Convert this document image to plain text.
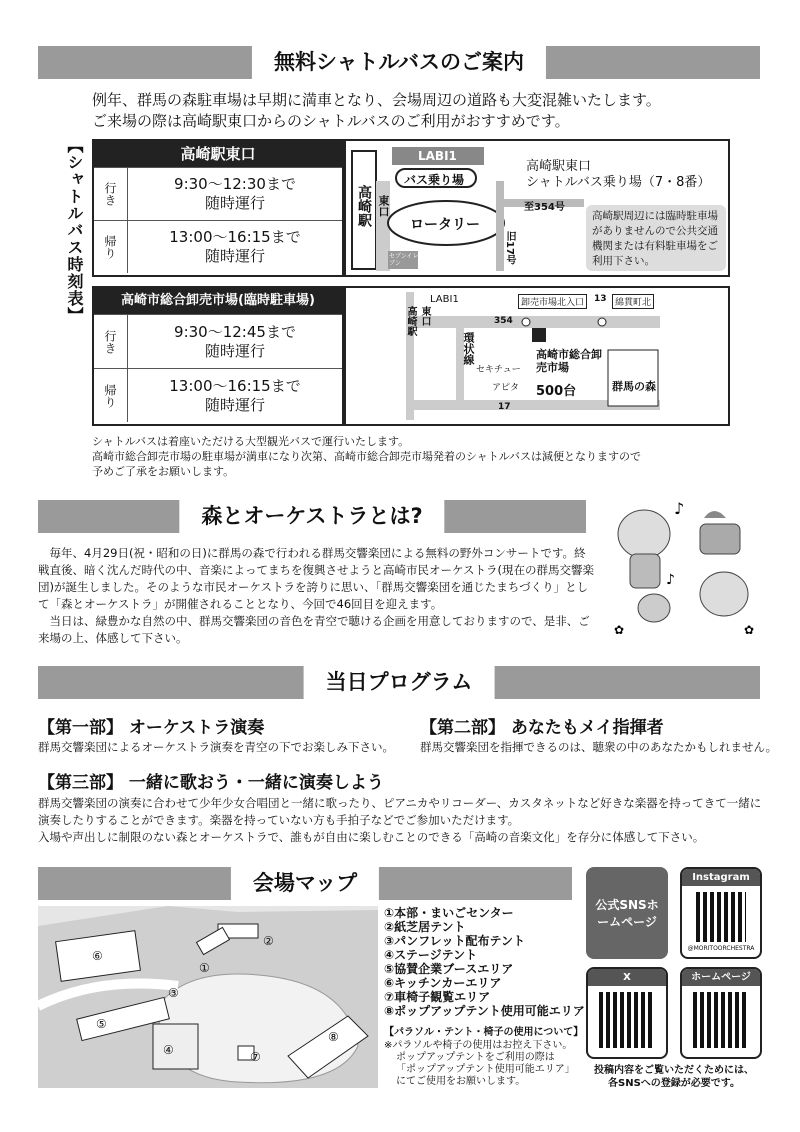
無料シャトルバスのご案内
例年、群馬の森駐車場は早期に満車となり、会場周辺の道路も大変混雑いたします。
ご来場の際は高崎駅東口からのシャトルバスのご利用がおすすめです。
【シャトルバス時刻表】	高崎駅東口
行き	9:30〜12:30まで
随時運行
帰り	13:00〜16:15まで
随時運行
高崎駅 東口
LABI1
バス乗り場
ロータリー
旧17号
至354号
セブンイレブン
高崎駅東口
シャトルバス乗り場（7・8番）
高崎駅周辺には臨時駐車場がありませんので公共交通機関または有料駐車場をご利用下さい。
高崎市総合卸売市場(臨時駐車場)
行き	9:30〜12:45まで
随時運行
帰り	13:00〜16:15まで
随時運行
LABI1
高崎駅 東口
環状線
354
13
17
卸売市場北入口	綿貫町北
高崎市総合卸売市場
500台
セキチュー
アピタ	群馬の森
シャトルバスは着座いただける大型観光バスで運行いたします。
高崎市総合卸売市場の駐車場が満車になり次第、高崎市総合卸売市場発着のシャトルバスは減便となりますので
予めご了承をお願いします。
森とオーケストラとは?
毎年、4月29日(祝・昭和の日)に群馬の森で行われる群馬交響楽団による無料の野外コンサートです。終戦直後、暗く沈んだ時代の中、音楽によってまちを復興させようと高崎市民オーケストラ(現在の群馬交響楽団)が誕生しました。そのような市民オーケストラを誇りに思い、「群馬交響楽団を通じたまちづくり」として「森とオーケストラ」が開催されることとなり、今回で46回目を迎えます。
当日は、緑豊かな自然の中、群馬交響楽団の音色を青空で聴ける企画を用意しておりますので、是非、ご来場の上、体感して下さい。
♪
♪
✿	✿
当日プログラム
【第一部】 オーケストラ演奏
群馬交響楽団によるオーケストラ演奏を青空の下でお楽しみ下さい。
【第二部】 あなたもメイ指揮者
群馬交響楽団を指揮できるのは、聴衆の中のあなたかもしれません。
【第三部】 一緒に歌おう・一緒に演奏しよう
群馬交響楽団の演奏に合わせて少年少女合唱団と一緒に歌ったり、ピアニカやリコーダー、カスタネットなど好きな楽器を持ってきて一緒に演奏したりすることができます。楽器を持っていない方も手拍子などでご参加いただけます。
入場や声出しに制限のない森とオーケストラで、誰もが自由に楽しむことのできる「高崎の音楽文化」を存分に体感して下さい。
会場マップ
⑥
②
①
③
④
⑤
⑦
⑧
①本部・まいごセンター
②紙芝居テント
③パンフレット配布テント
④ステージテント
⑤協賛企業ブースエリア
⑥キッチンカーエリア
⑦車椅子観覧エリア
⑧ポップアップテント使用可能エリア
【パラソル・テント・椅子の使用について】
※パラソルや椅子の使用はお控え下さい。
ポップアップテントをご利用の際は
「ポップアップテント使用可能エリア」
にてご使用をお願いします。
公式SNSホームページ
Instagram
@MORITOORCHESTRA
X	ホームページ
投稿内容をご覧いただくためには、
各SNSへの登録が必要です。
